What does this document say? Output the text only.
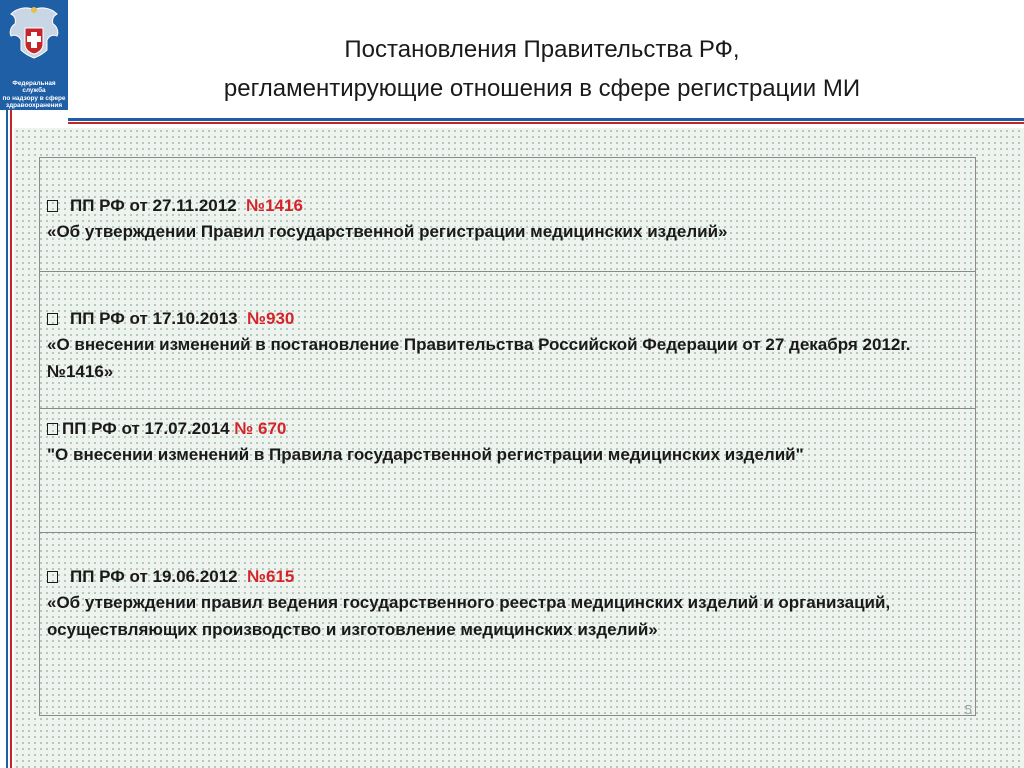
Федеральная служба
по надзору в сфере
здравоохранения
Постановления Правительства РФ,
регламентирующие отношения в сфере регистрации МИ
ПП РФ от 27.11.2012 №1416
«Об утверждении Правил государственной регистрации медицинских изделий»
ПП РФ от 17.10.2013 №930
«О внесении изменений в постановление Правительства Российской Федерации от 27 декабря 2012г. №1416»
ПП РФ от 17.07.2014 № 670
"О внесении изменений в Правила государственной регистрации медицинских изделий"
ПП РФ от 19.06.2012 №615
«Об утверждении правил ведения государственного реестра медицинских изделий и организаций, осуществляющих производство и изготовление медицинских изделий»
5
